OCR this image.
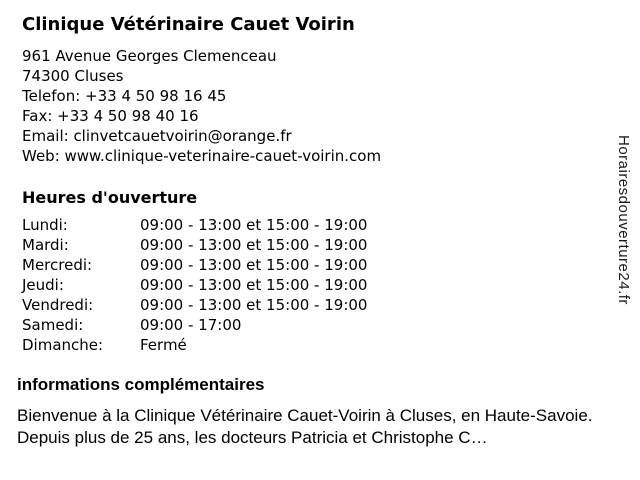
Clinique Vétérinaire Cauet Voirin
961 Avenue Georges Clemenceau
74300 Cluses
Telefon: +33 4 50 98 16 45
Fax: +33 4 50 98 40 16
Email: clinvetcauetvoirin@orange.fr
Web: www.clinique-veterinaire-cauet-voirin.com
Heures d'ouverture
Lundi:	09:00 - 13:00 et 15:00 - 19:00
Mardi:	09:00 - 13:00 et 15:00 - 19:00
Mercredi:	09:00 - 13:00 et 15:00 - 19:00
Jeudi:	09:00 - 13:00 et 15:00 - 19:00
Vendredi:	09:00 - 13:00 et 15:00 - 19:00
Samedi:	09:00 - 17:00
Dimanche:	Fermé
informations complémentaires

Bienvenue à la Clinique Vétérinaire Cauet-Voirin à Cluses, en Haute-Savoie. Depuis plus de 25 ans, les docteurs Patricia et Christophe C…

Horairesdouverture24.fr
